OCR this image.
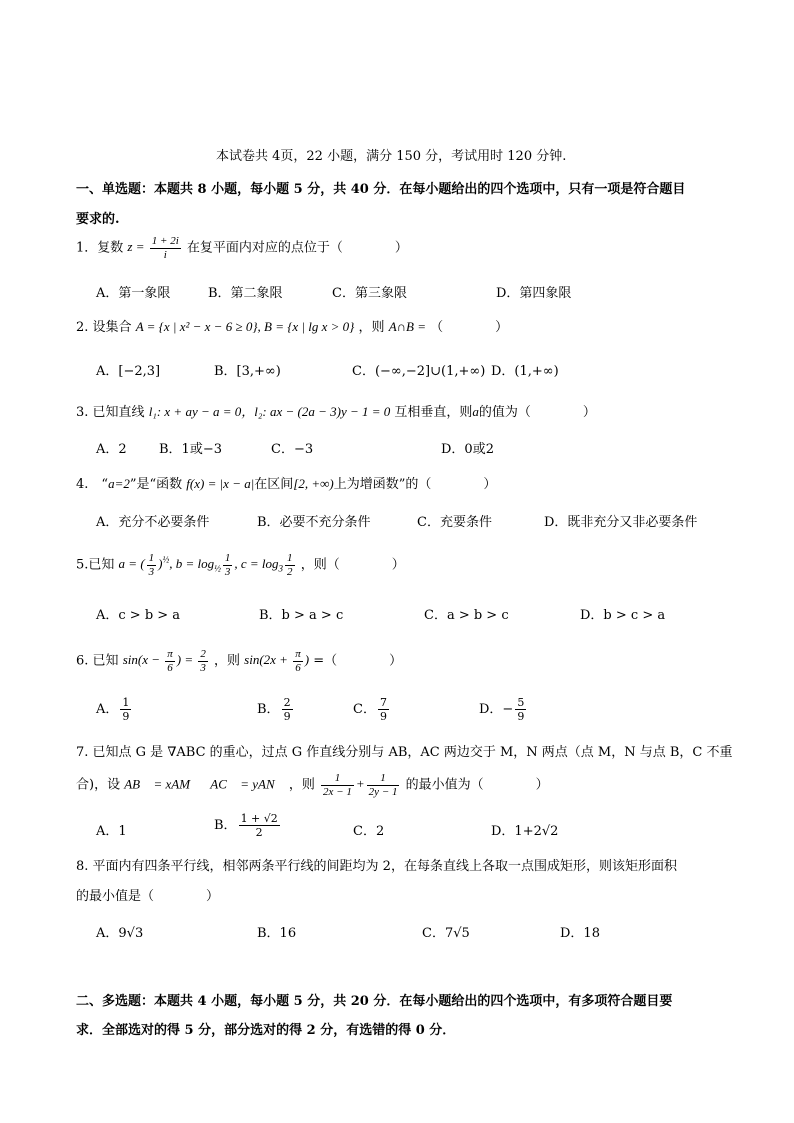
本试卷共 4页，22 小题，满分 150 分，考试用时 120 分钟.
一、单选题：本题共 8 小题，每小题 5 分，共 40 分．在每小题给出的四个选项中，只有一项是符合题目
要求的.
1．复数 $z = \frac{1 + 2i}{i}$ 在复平面内对应的点位于（　　　　）
A．第一象限	B．第二象限	C．第三象限	D．第四象限
2. 设集合 A = {x | x² − x − 6 ≥ 0}, B = {x | lg x > 0} ，则 A∩B = （　　　　）
A．[−2,3]	B．[3,+∞)	C．(−∞,−2]∪(1,+∞) D．(1,+∞)
3. 已知直线 l₁: x + ay − a = 0，l₂: ax − (2a − 3)y − 1 = 0 互相垂直，则a的值为（　　　　）
A．2 B．1或−3	C．−3	D．0或2
4.　“a=2”是“函数 f(x) = |x − a|在区间[2, +∞)上为增函数”的（　　　　）
A．充分不必要条件	B．必要不充分条件	C．充要条件	D．既非充分又非必要条件
5.已知 a = ( $\frac{1}{3} )^{\frac{1}{2}}$, $b = \log_{\frac{1}{2}} \frac{1}{3}$ , $c = \log_3 \frac{1}{2}$ ，则（　　　　）
A．c > b > a	B．b > a > c	C．a > b > c	D．b > c > a
6. 已知 $\sin(x - \frac{\pi}{6}$ ) = $\frac{2}{3}$ ，则 $\sin(2x + \frac{\pi}{6}$ ) =（　　　　）
A． $\frac{1}{9}$	B． $\frac{2}{9}$	C． $\frac{7}{9}$	D．− $\frac{5}{9}$
7. 已知点 G 是 ∇ABC 的重心，过点 G 作直线分别与 AB，AC 两边交于 M，N 两点（点 M，N 与点 B，C 不重
合)，设 AB⃗ = xAM⃗，AC⃗ = yAN⃗ ，则 $\frac{1}{2x - 1} + \frac{1}{2y - 1}$ 的最小值为（　　　　）
A．1	B． $\frac{1 + √2}{2}$	C．2	D．1+2√2
8. 平面内有四条平行线，相邻两条平行线的间距均为 2，在每条直线上各取一点围成矩形，则该矩形面积
的最小值是（　　　　）
A．9√3	B．16	C．7√5	D．18
二、多选题：本题共 4 小题，每小题 5 分，共 20 分．在每小题给出的四个选项中，有多项符合题目要
求．全部选对的得 5 分，部分选对的得 2 分，有选错的得 0 分．
